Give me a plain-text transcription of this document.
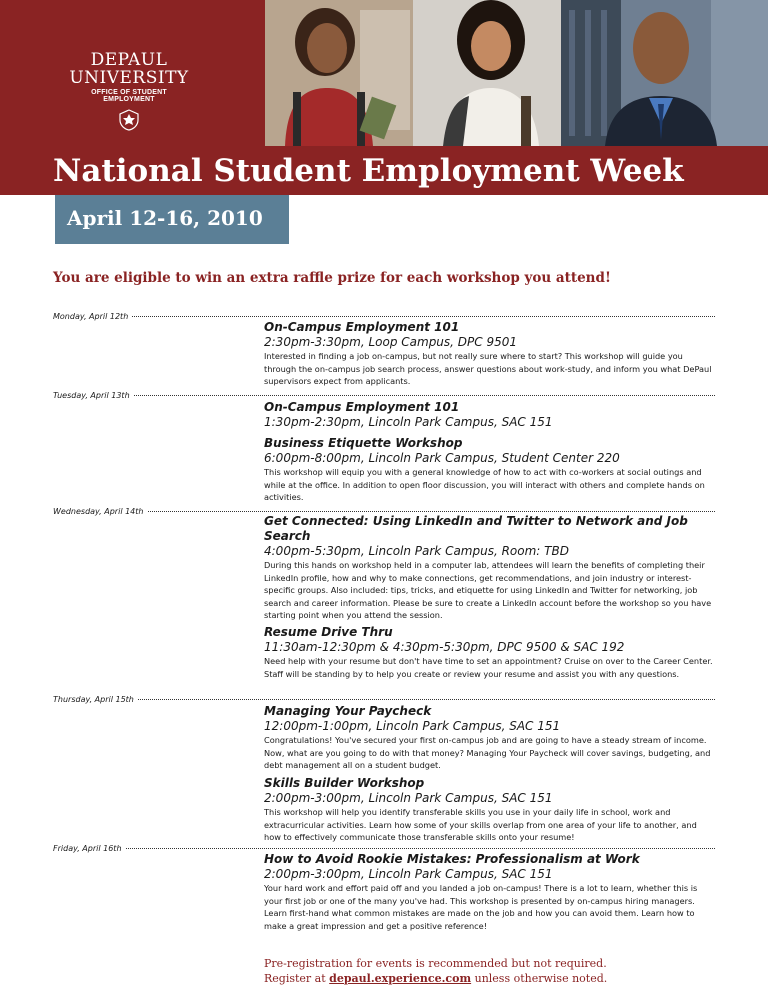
DEPAUL
UNIVERSITY
OFFICE OF STUDENT EMPLOYMENT
National Student Employment Week
April 12-16, 2010
You are eligible to win an extra raffle prize for each workshop you attend!
Monday, April 12th
Tuesday, April 13th
Wednesday, April 14th
Thursday, April 15th
Friday, April 16th
On-Campus Employment 101
2:30pm-3:30pm, Loop Campus, DPC 9501
Interested in finding a job on-campus, but not really sure where to start? This workshop will guide you through the on-campus job search process, answer questions about work-study, and inform you what DePaul supervisors expect from applicants.
On-Campus Employment 101
1:30pm-2:30pm, Lincoln Park Campus, SAC 151
Business Etiquette Workshop
6:00pm-8:00pm, Lincoln Park Campus, Student Center 220
This workshop will equip you with a general knowledge of how to act with co-workers at social outings and while at the office. In addition to open floor discussion, you will interact with others and complete hands on activities.
Get Connected: Using LinkedIn and Twitter to Network and Job Search
4:00pm-5:30pm, Lincoln Park Campus, Room: TBD
During this hands on workshop held in a computer lab, attendees will learn the benefits of completing their LinkedIn profile, how and why to make connections, get recommendations, and join industry or interest-specific groups. Also included: tips, tricks, and etiquette for using LinkedIn and Twitter for networking, job search and career information. Please be sure to create a LinkedIn account before the workshop so you have starting point when you attend the session.
Resume Drive Thru
11:30am-12:30pm & 4:30pm-5:30pm, DPC 9500 & SAC 192
Need help with your resume but don't have time to set an appointment? Cruise on over to the Career Center. Staff will be standing by to help you create or review your resume and assist you with any questions.
Managing Your Paycheck
12:00pm-1:00pm, Lincoln Park Campus, SAC 151
Congratulations! You've secured your first on-campus job and are going to have a steady stream of income. Now, what are you going to do with that money? Managing Your Paycheck will cover savings, budgeting, and debt management all on a student budget.
Skills Builder Workshop
2:00pm-3:00pm, Lincoln Park Campus, SAC 151
This workshop will help you identify transferable skills you use in your daily life in school, work and extracurricular activities. Learn how some of your skills overlap from one area of your life to another, and how to effectively communicate those transferable skills onto your resume!
How to Avoid Rookie Mistakes: Professionalism at Work
2:00pm-3:00pm, Lincoln Park Campus, SAC 151
Your hard work and effort paid off and you landed a job on-campus! There is a lot to learn, whether this is your first job or one of the many you've had. This workshop is presented by on-campus hiring managers. Learn first-hand what common mistakes are made on the job and how you can avoid them. Learn how to make a great impression and get a positive reference!
Pre-registration for events is recommended but not required.
Register at depaul.experience.com unless otherwise noted.
